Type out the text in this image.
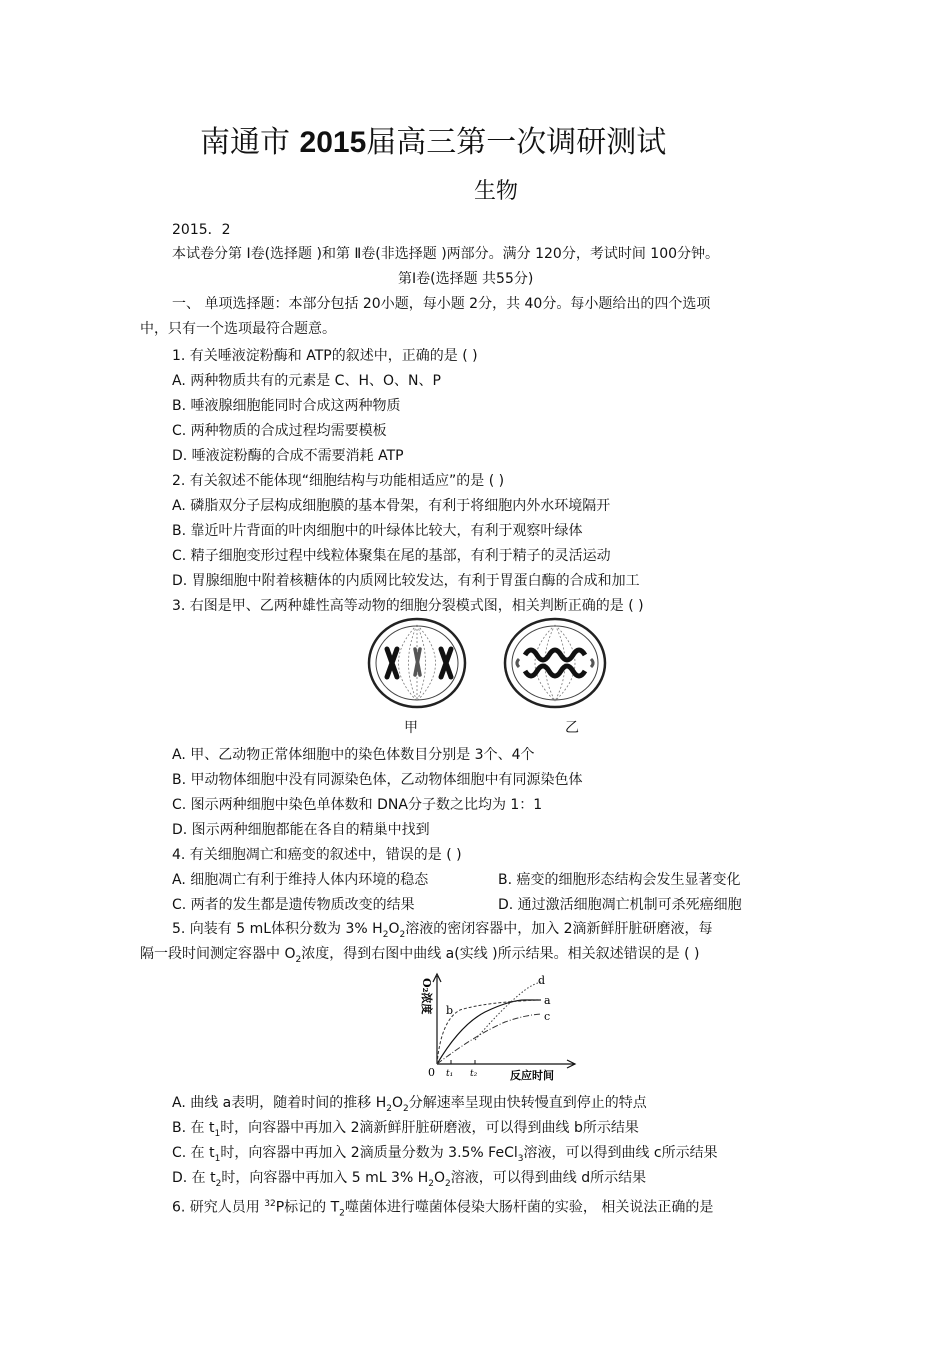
南通市 2015届高三第一次调研测试
生物
2015．2
本试卷分第 Ⅰ卷(选择题 )和第 Ⅱ卷(非选择题 )两部分。满分 120分，考试时间 100分钟。
第Ⅰ卷(选择题 共55分)
一、 单项选择题：本部分包括 20小题，每小题 2分，共 40分。每小题给出的四个选项
中，只有一个选项最符合题意。
1. 有关唾液淀粉酶和 ATP的叙述中，正确的是 ( )
A. 两种物质共有的元素是 C、H、O、N、P
B. 唾液腺细胞能同时合成这两种物质
C. 两种物质的合成过程均需要模板
D. 唾液淀粉酶的合成不需要消耗 ATP
2. 有关叙述不能体现“细胞结构与功能相适应”的是 ( )
A. 磷脂双分子层构成细胞膜的基本骨架，有利于将细胞内外水环境隔开
B. 靠近叶片背面的叶肉细胞中的叶绿体比较大，有利于观察叶绿体
C. 精子细胞变形过程中线粒体聚集在尾的基部，有利于精子的灵活运动
D. 胃腺细胞中附着核糖体的内质网比较发达，有利于胃蛋白酶的合成和加工
3. 右图是甲、乙两种雄性高等动物的细胞分裂模式图，相关判断正确的是 ( )
甲	乙
A. 甲、乙动物正常体细胞中的染色体数目分别是 3个、4个
B. 甲动物体细胞中没有同源染色体，乙动物体细胞中有同源染色体
C. 图示两种细胞中染色单体数和 DNA分子数之比均为 1：1
D. 图示两种细胞都能在各自的精巢中找到
4. 有关细胞凋亡和癌变的叙述中，错误的是 ( )
A. 细胞凋亡有利于维持人体内环境的稳态	B. 癌变的细胞形态结构会发生显著变化
C. 两者的发生都是遗传物质改变的结果	D. 通过激活细胞凋亡机制可杀死癌细胞
5. 向装有 5 mL体积分数为 3% $H_2O_2$溶液的密闭容器中，加入 2滴新鲜肝脏研磨液，每
隔一段时间测定容器中 $O_2$浓度，得到右图中曲线 a(实线 )所示结果。相关叙述错误的是 ( )
O₂浓度
反应时间
0 t₁ t₂
a
b	c
d
A. 曲线 a表明，随着时间的推移 $H_2O_2$分解速率呈现由快转慢直到停止的特点
B. 在 $t_1$时，向容器中再加入 2滴新鲜肝脏研磨液，可以得到曲线 b所示结果
C. 在 $t_1$时，向容器中再加入 2滴质量分数为 3.5% FeCl$_3$溶液，可以得到曲线 c所示结果
D. 在 $t_2$时，向容器中再加入 5 mL 3% $H_2O_2$溶液，可以得到曲线 d所示结果
6. 研究人员用 $^{32}$P标记的 $T_2$噬菌体进行噬菌体侵染大肠杆菌的实验， 相关说法正确的是
